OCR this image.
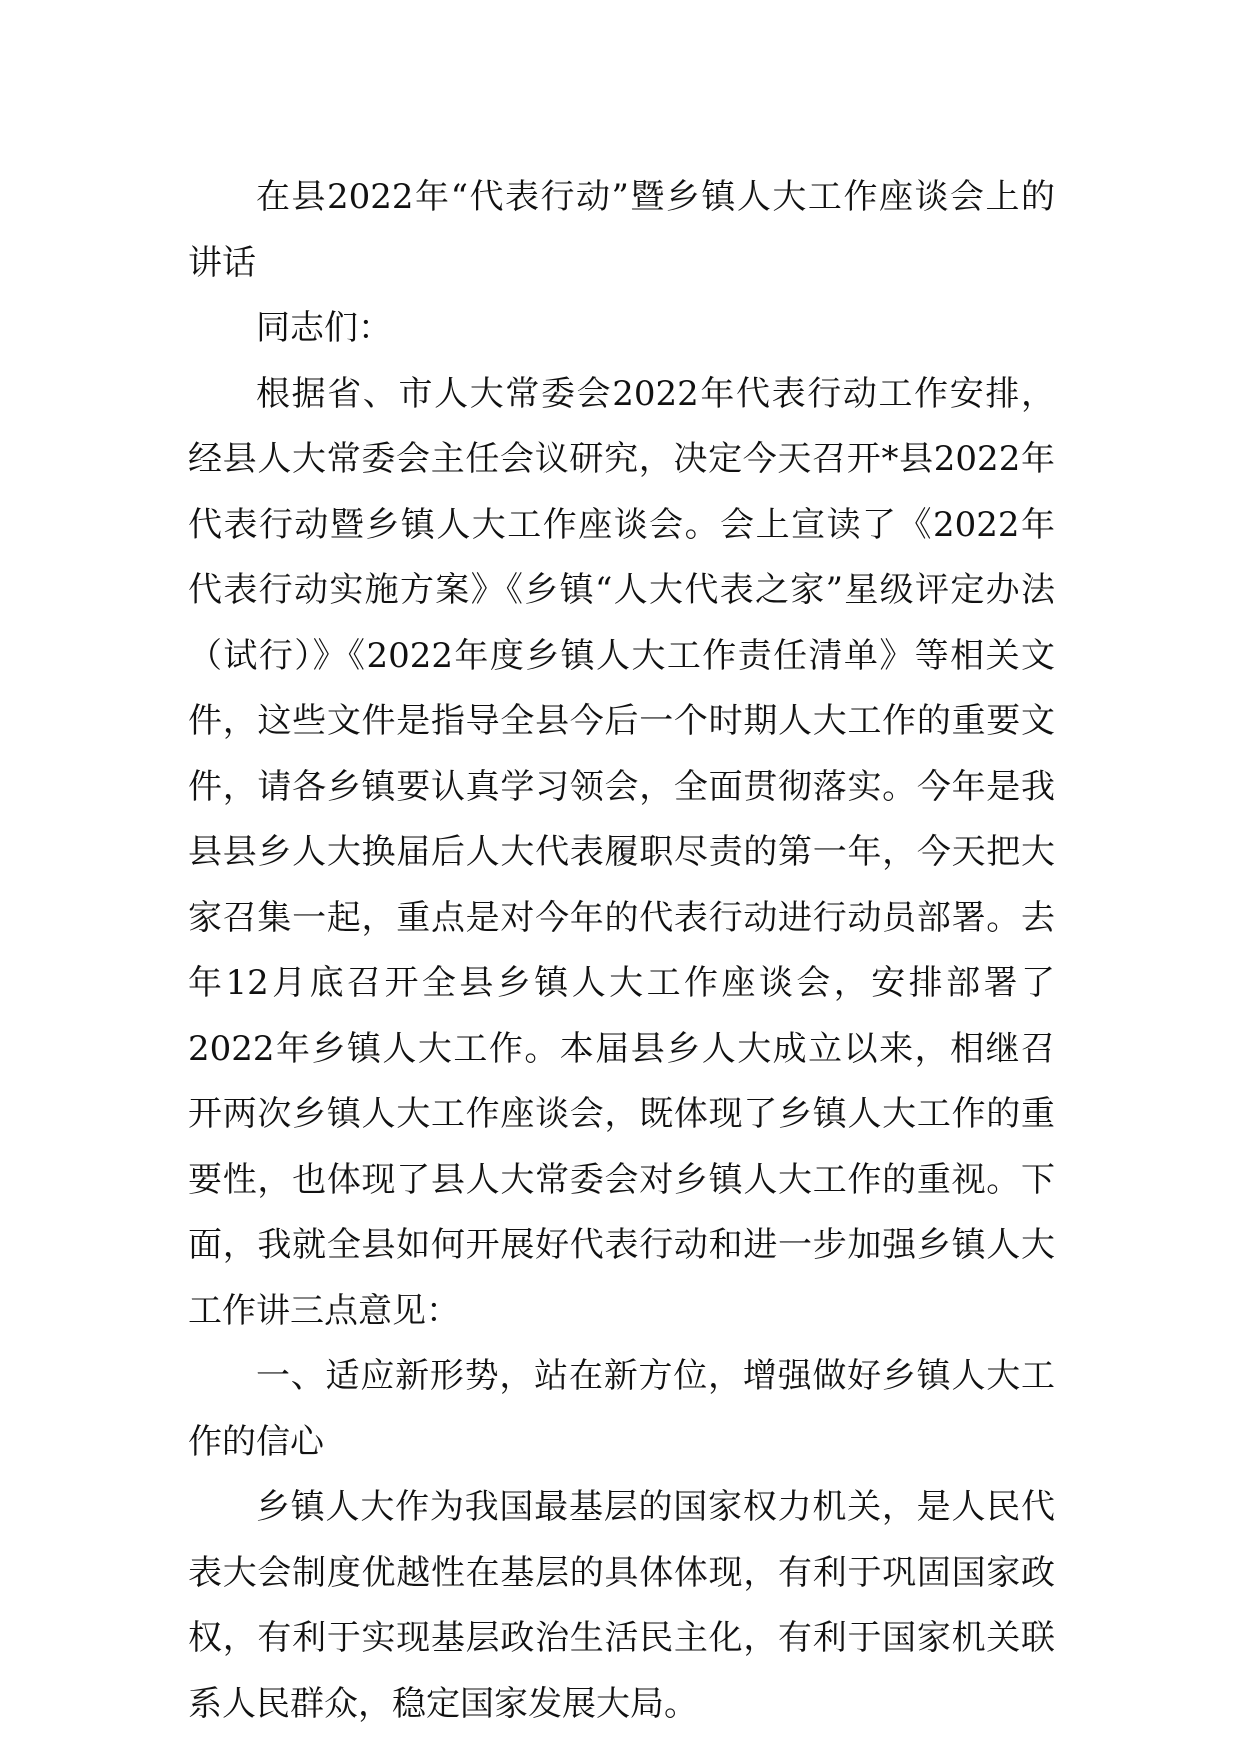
在县2022年“代表行动”暨乡镇人大工作座谈会上的讲话

同志们：

根据省、市人大常委会2022年代表行动工作安排，经县人大常委会主任会议研究，决定今天召开*县2022年代表行动暨乡镇人大工作座谈会。会上宣读了《2022年代表行动实施方案》《乡镇“人大代表之家”星级评定办法（试行）》《2022年度乡镇人大工作责任清单》等相关文件，这些文件是指导全县今后一个时期人大工作的重要文件，请各乡镇要认真学习领会，全面贯彻落实。今年是我县县乡人大换届后人大代表履职尽责的第一年，今天把大家召集一起，重点是对今年的代表行动进行动员部署。去年12月底召开全县乡镇人大工作座谈会，安排部署了2022年乡镇人大工作。本届县乡人大成立以来，相继召开两次乡镇人大工作座谈会，既体现了乡镇人大工作的重要性，也体现了县人大常委会对乡镇人大工作的重视。下面，我就全县如何开展好代表行动和进一步加强乡镇人大工作讲三点意见：

一、适应新形势，站在新方位，增强做好乡镇人大工作的信心

乡镇人大作为我国最基层的国家权力机关，是人民代表大会制度优越性在基层的具体体现，有利于巩固国家政权，有利于实现基层政治生活民主化，有利于国家机关联系人民群众，稳定国家发展大局。
